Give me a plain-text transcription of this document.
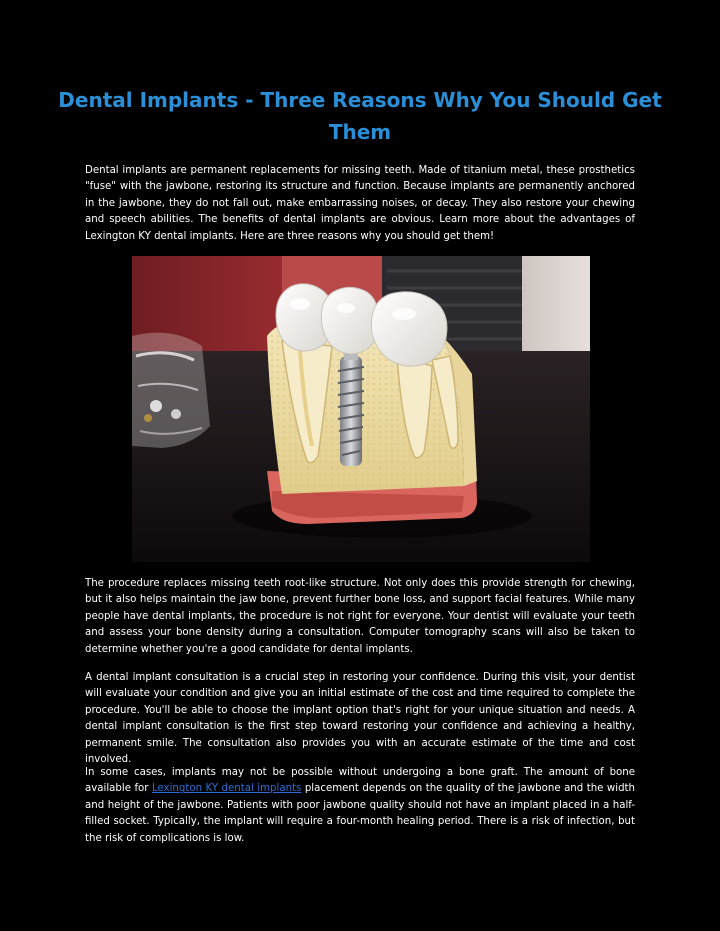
Dental Implants - Three Reasons Why You Should Get Them

Dental implants are permanent replacements for missing teeth. Made of titanium metal, these prosthetics "fuse" with the jawbone, restoring its structure and function. Because implants are permanently anchored in the jawbone, they do not fall out, make embarrassing noises, or decay. They also restore your chewing and speech abilities. The benefits of dental implants are obvious. Learn more about the advantages of Lexington KY dental implants. Here are three reasons why you should get them!

The procedure replaces missing teeth root-like structure. Not only does this provide strength for chewing, but it also helps maintain the jaw bone, prevent further bone loss, and support facial features. While many people have dental implants, the procedure is not right for everyone. Your dentist will evaluate your teeth and assess your bone density during a consultation. Computer tomography scans will also be taken to determine whether you're a good candidate for dental implants.

A dental implant consultation is a crucial step in restoring your confidence. During this visit, your dentist will evaluate your condition and give you an initial estimate of the cost and time required to complete the procedure. You'll be able to choose the implant option that's right for your unique situation and needs. A dental implant consultation is the first step toward restoring your confidence and achieving a healthy, permanent smile. The consultation also provides you with an accurate estimate of the time and cost involved.

In some cases, implants may not be possible without undergoing a bone graft. The amount of bone available for Lexington KY dental implants placement depends on the quality of the jawbone and the width and height of the jawbone. Patients with poor jawbone quality should not have an implant placed in a half-filled socket. Typically, the implant will require a four-month healing period. There is a risk of infection, but the risk of complications is low.
